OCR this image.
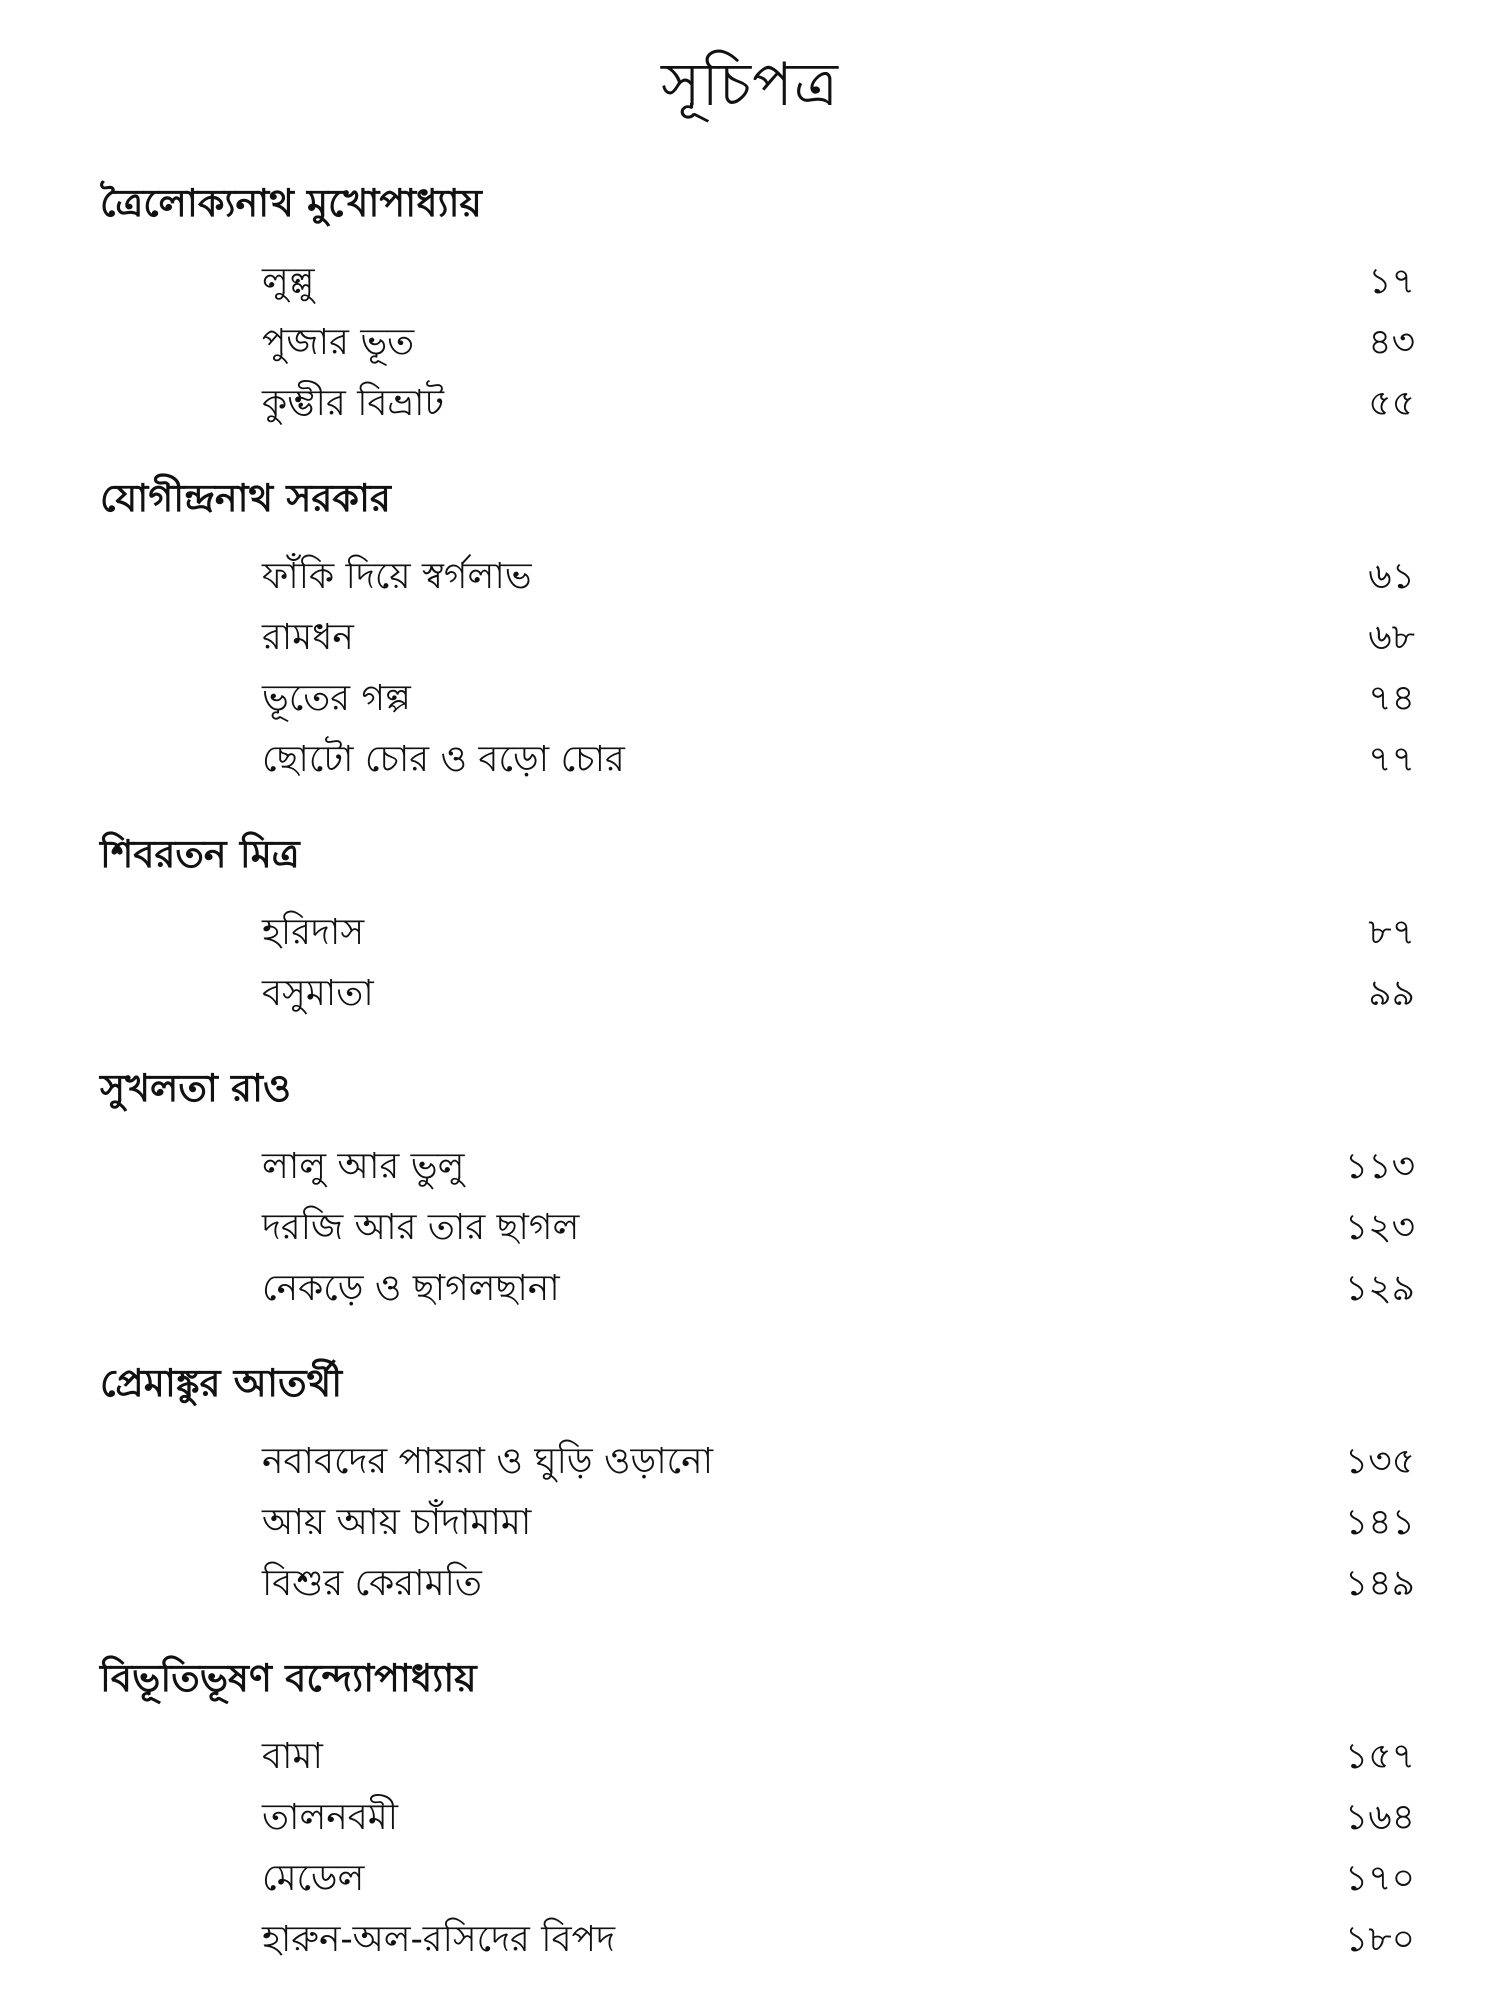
সূচিপত্র
ত্রৈলোক্যনাথ মুখোপাধ্যায়
লুল্লু	১৭
পুজার ভূত	৪৩
কুম্ভীর বিভ্রাট	৫৫
যোগীন্দ্রনাথ সরকার
ফাঁকি দিয়ে স্বর্গলাভ	৬১
রামধন	৬৮
ভূতের গল্প	৭৪
ছোটো চোর ও বড়ো চোর	৭৭
শিবরতন মিত্র
হরিদাস	৮৭
বসুমাতা	৯৯
সুখলতা রাও
লালু আর ভুলু	১১৩
দরজি আর তার ছাগল	১২৩
নেকড়ে ও ছাগলছানা	১২৯
প্রেমাঙ্কুর আতর্থী
নবাবদের পায়রা ও ঘুড়ি ওড়ানো	১৩৫
আয় আয় চাঁদামামা	১৪১
বিশুর কেরামতি	১৪৯
বিভূতিভূষণ বন্দ্যোপাধ্যায়
বামা	১৫৭
তালনবমী	১৬৪
মেডেল	১৭০
হারুন-অল-রসিদের বিপদ	১৮০
